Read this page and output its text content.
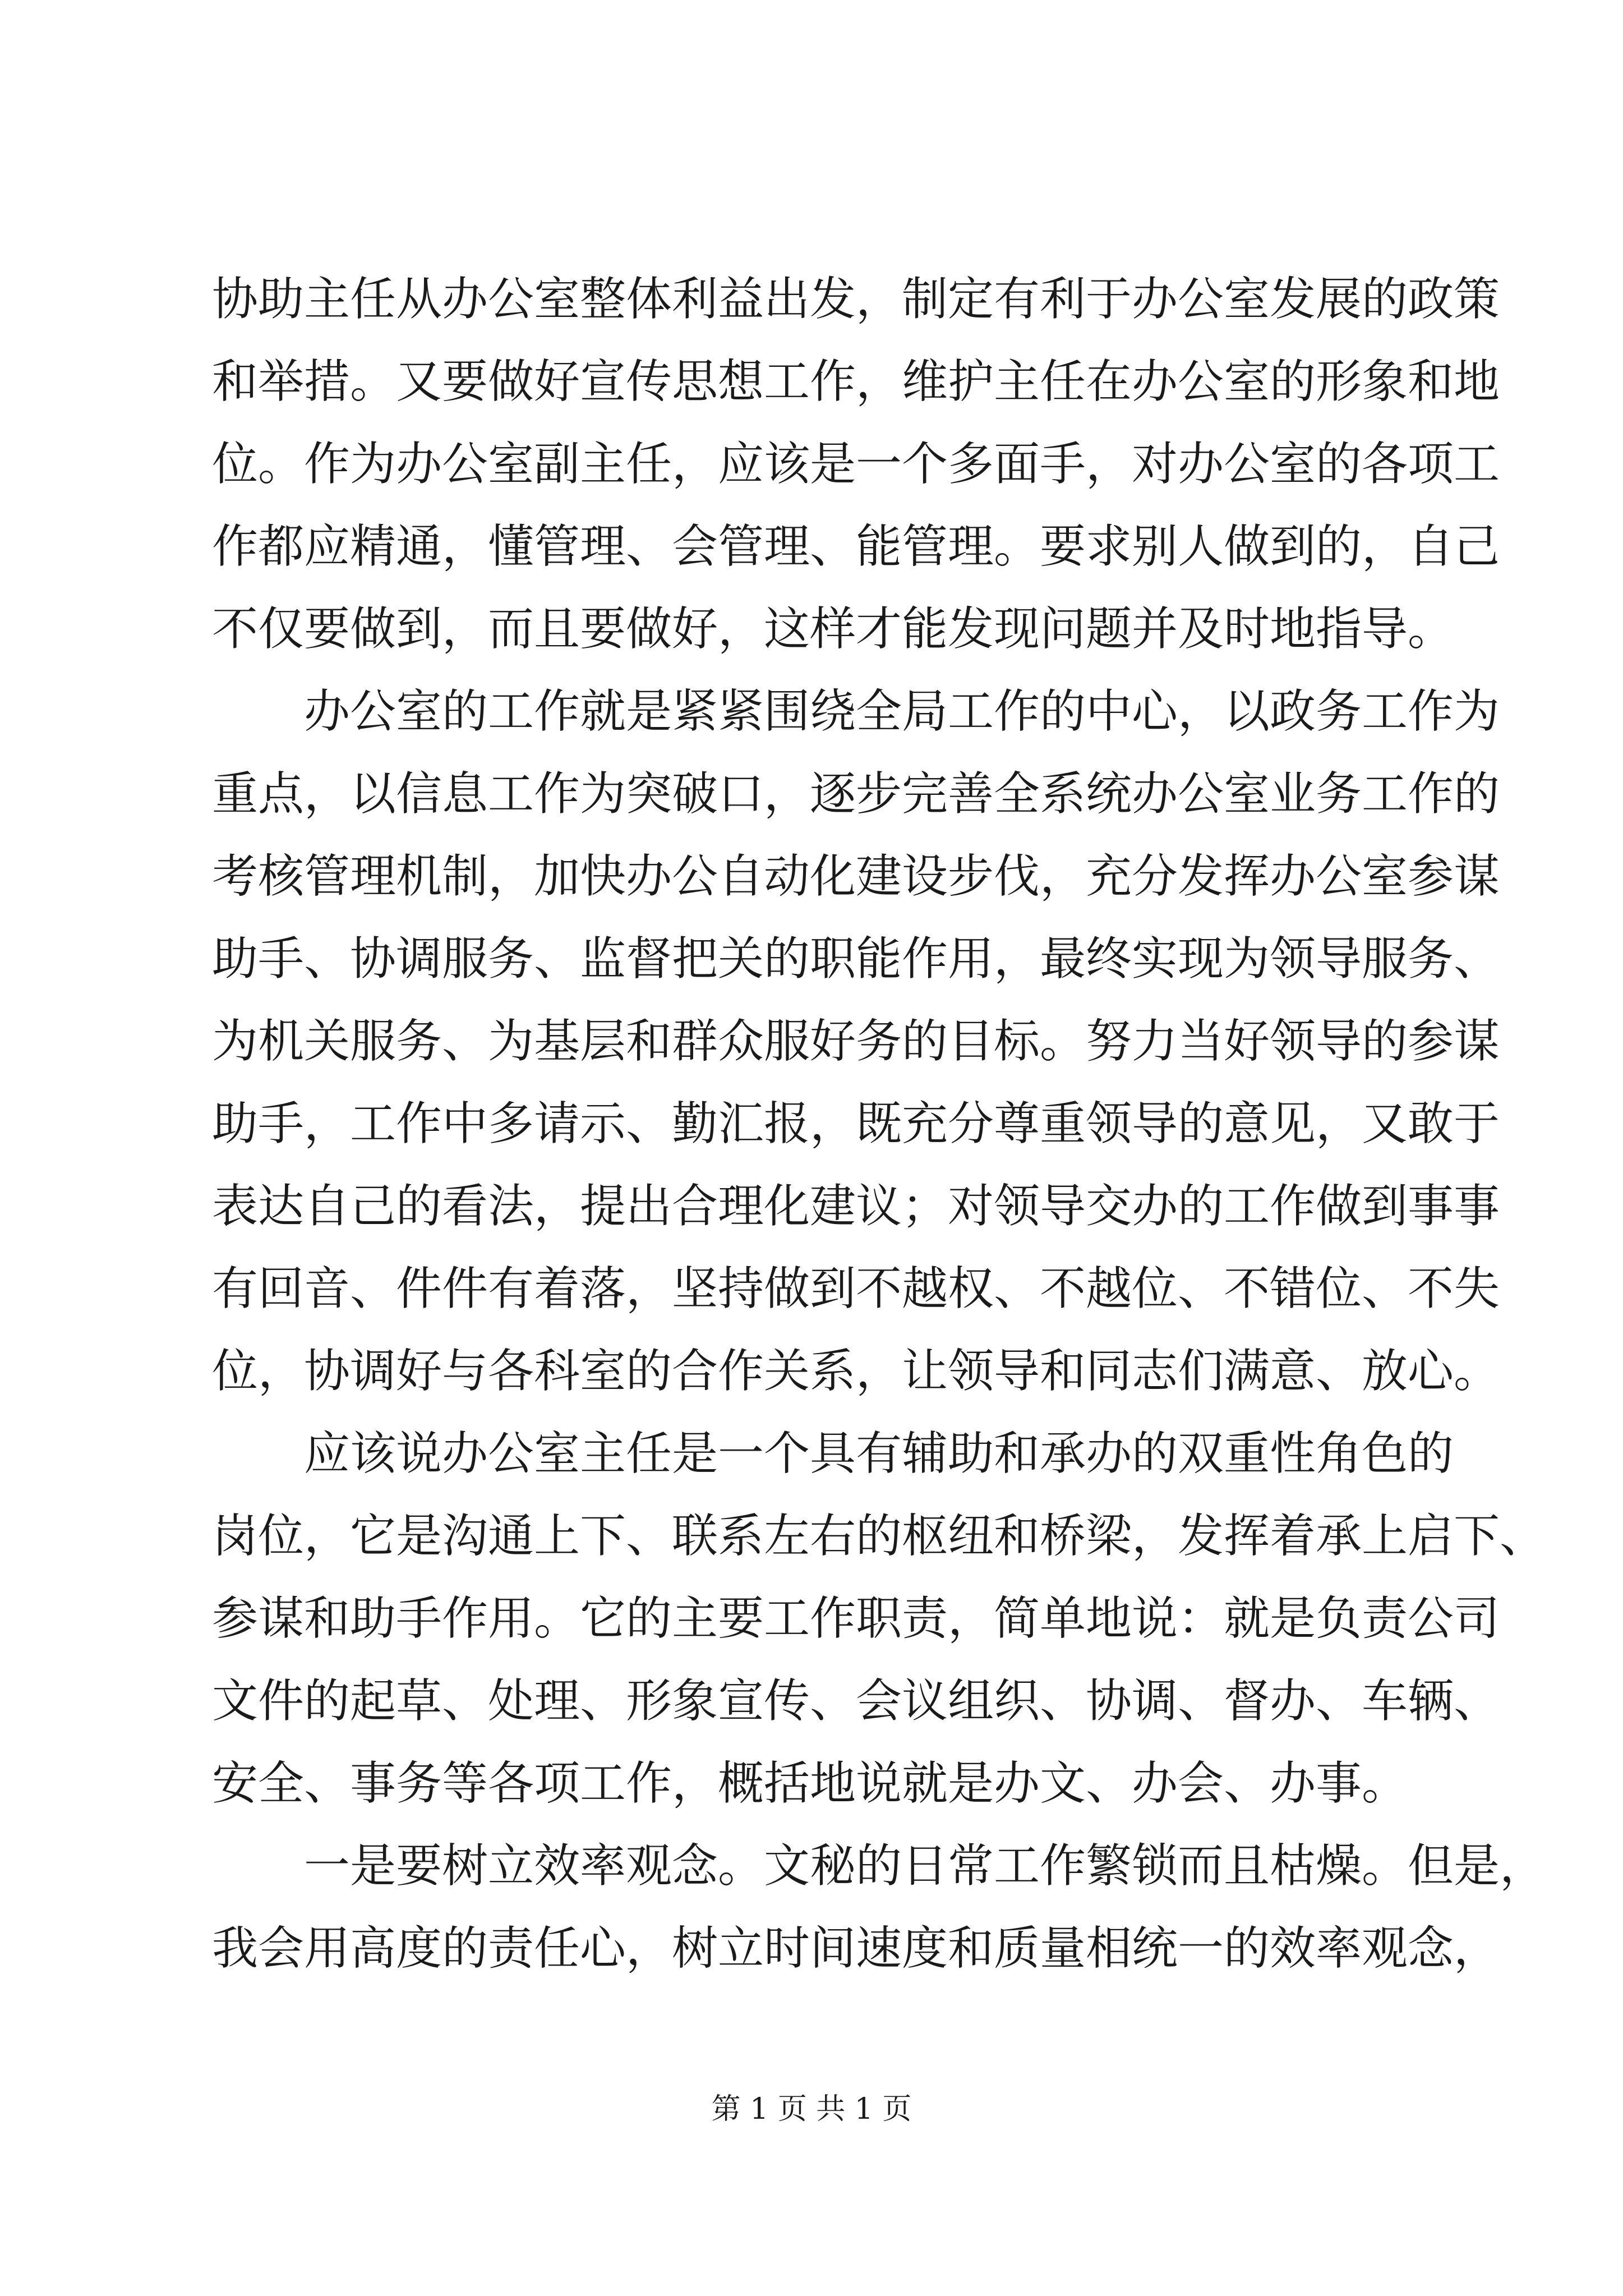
协助主任从办公室整体利益出发，制定有利于办公室发展的政策
和举措。又要做好宣传思想工作，维护主任在办公室的形象和地
位。作为办公室副主任，应该是一个多面手，对办公室的各项工
作都应精通，懂管理、会管理、能管理。要求别人做到的，自己
不仅要做到，而且要做好，这样才能发现问题并及时地指导。
　　办公室的工作就是紧紧围绕全局工作的中心，以政务工作为
重点，以信息工作为突破口，逐步完善全系统办公室业务工作的
考核管理机制，加快办公自动化建设步伐，充分发挥办公室参谋
助手、协调服务、监督把关的职能作用，最终实现为领导服务、
为机关服务、为基层和群众服好务的目标。努力当好领导的参谋
助手，工作中多请示、勤汇报，既充分尊重领导的意见，又敢于
表达自己的看法，提出合理化建议；对领导交办的工作做到事事
有回音、件件有着落，坚持做到不越权、不越位、不错位、不失
位，协调好与各科室的合作关系，让领导和同志们满意、放心。
　　应该说办公室主任是一个具有辅助和承办的双重性角色的
岗位，它是沟通上下、联系左右的枢纽和桥梁，发挥着承上启下、
参谋和助手作用。它的主要工作职责，简单地说：就是负责公司
文件的起草、处理、形象宣传、会议组织、协调、督办、车辆、
安全、事务等各项工作，概括地说就是办文、办会、办事。
　　一是要树立效率观念。文秘的日常工作繁锁而且枯燥。但是，
我会用高度的责任心，树立时间速度和质量相统一的效率观念，
第 1 页 共 1 页
